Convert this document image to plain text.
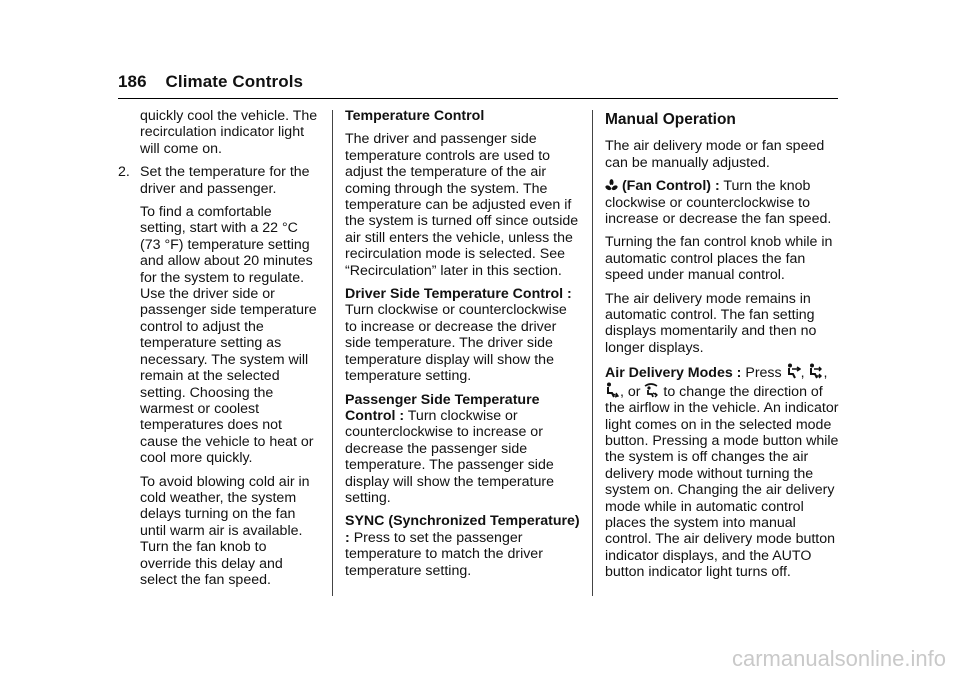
186 Climate Controls

quickly cool the vehicle. The recirculation indicator light will come on.

2. Set the temperature for the driver and passenger.

To find a comfortable setting, start with a 22 °C (73 °F) temperature setting and allow about 20 minutes for the system to regulate. Use the driver side or passenger side temperature control to adjust the temperature setting as necessary. The system will remain at the selected setting. Choosing the warmest or coolest temperatures does not cause the vehicle to heat or cool more quickly.

To avoid blowing cold air in cold weather, the system delays turning on the fan until warm air is available. Turn the fan knob to override this delay and select the fan speed.

Temperature Control

The driver and passenger side temperature controls are used to adjust the temperature of the air coming through the system. The temperature can be adjusted even if the system is turned off since outside air still enters the vehicle, unless the recirculation mode is selected. See “Recirculation” later in this section.

Driver Side Temperature Control : Turn clockwise or counterclockwise to increase or decrease the driver side temperature. The driver side temperature display will show the temperature setting.

Passenger Side Temperature Control : Turn clockwise or counterclockwise to increase or decrease the passenger side temperature. The passenger side display will show the temperature setting.

SYNC (Synchronized Temperature) : Press to set the passenger temperature to match the driver temperature setting.

Manual Operation

The air delivery mode or fan speed can be manually adjusted.

(Fan Control) : Turn the knob clockwise or counterclockwise to increase or decrease the fan speed.

Turning the fan control knob while in automatic control places the fan speed under manual control.

The air delivery mode remains in automatic control. The fan setting displays momentarily and then no longer displays.

Air Delivery Modes : Press , ,
, or to change the direction of the airflow in the vehicle. An indicator light comes on in the selected mode button. Pressing a mode button while the system is off changes the air delivery mode without turning the system on. Changing the air delivery mode while in automatic control places the system into manual control. The air delivery mode button indicator displays, and the AUTO button indicator light turns off.

carmanualsonline.info
